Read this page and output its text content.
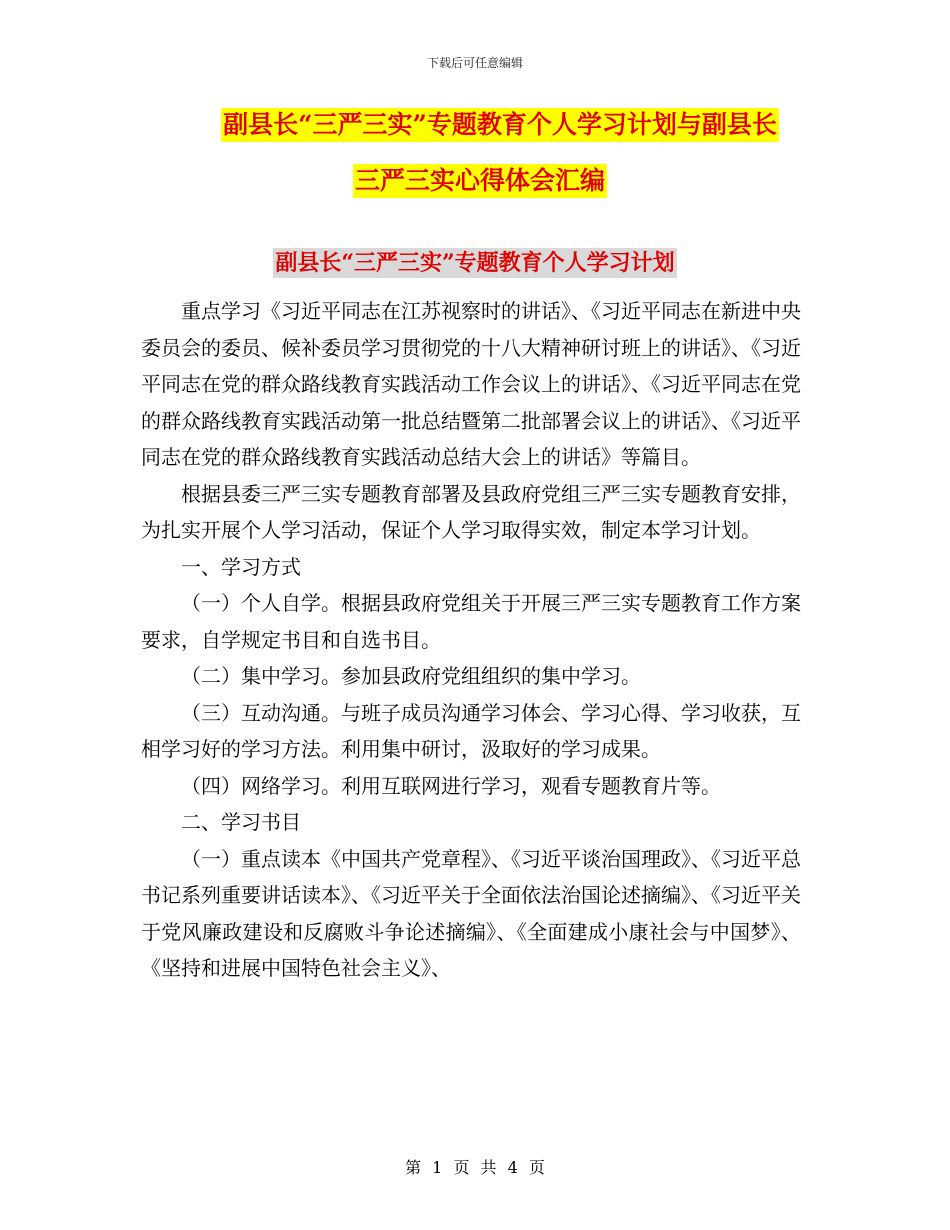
下载后可任意编辑
副县长“三严三实”专题教育个人学习计划与副县长
三严三实心得体会汇编
副县长“三严三实”专题教育个人学习计划

重点学习《习近平同志在江苏视察时的讲话》、《习近平同志在新进中央委员会的委员、候补委员学习贯彻党的十八大精神研讨班上的讲话》、《习近平同志在党的群众路线教育实践活动工作会议上的讲话》、《习近平同志在党的群众路线教育实践活动第一批总结暨第二批部署会议上的讲话》、《习近平同志在党的群众路线教育实践活动总结大会上的讲话》等篇目。

根据县委三严三实专题教育部署及县政府党组三严三实专题教育安排，为扎实开展个人学习活动，保证个人学习取得实效，制定本学习计划。

一、学习方式

（一）个人自学。根据县政府党组关于开展三严三实专题教育工作方案要求，自学规定书目和自选书目。

（二）集中学习。参加县政府党组组织的集中学习。

（三）互动沟通。与班子成员沟通学习体会、学习心得、学习收获，互相学习好的学习方法。利用集中研讨，汲取好的学习成果。

（四）网络学习。利用互联网进行学习，观看专题教育片等。

二、学习书目

（一）重点读本《中国共产党章程》、《习近平谈治国理政》、《习近平总书记系列重要讲话读本》、《习近平关于全面依法治国论述摘编》、《习近平关于党风廉政建设和反腐败斗争论述摘编》、《全面建成小康社会与中国梦》、《坚持和进展中国特色社会主义》、

第 1 页 共 4 页
